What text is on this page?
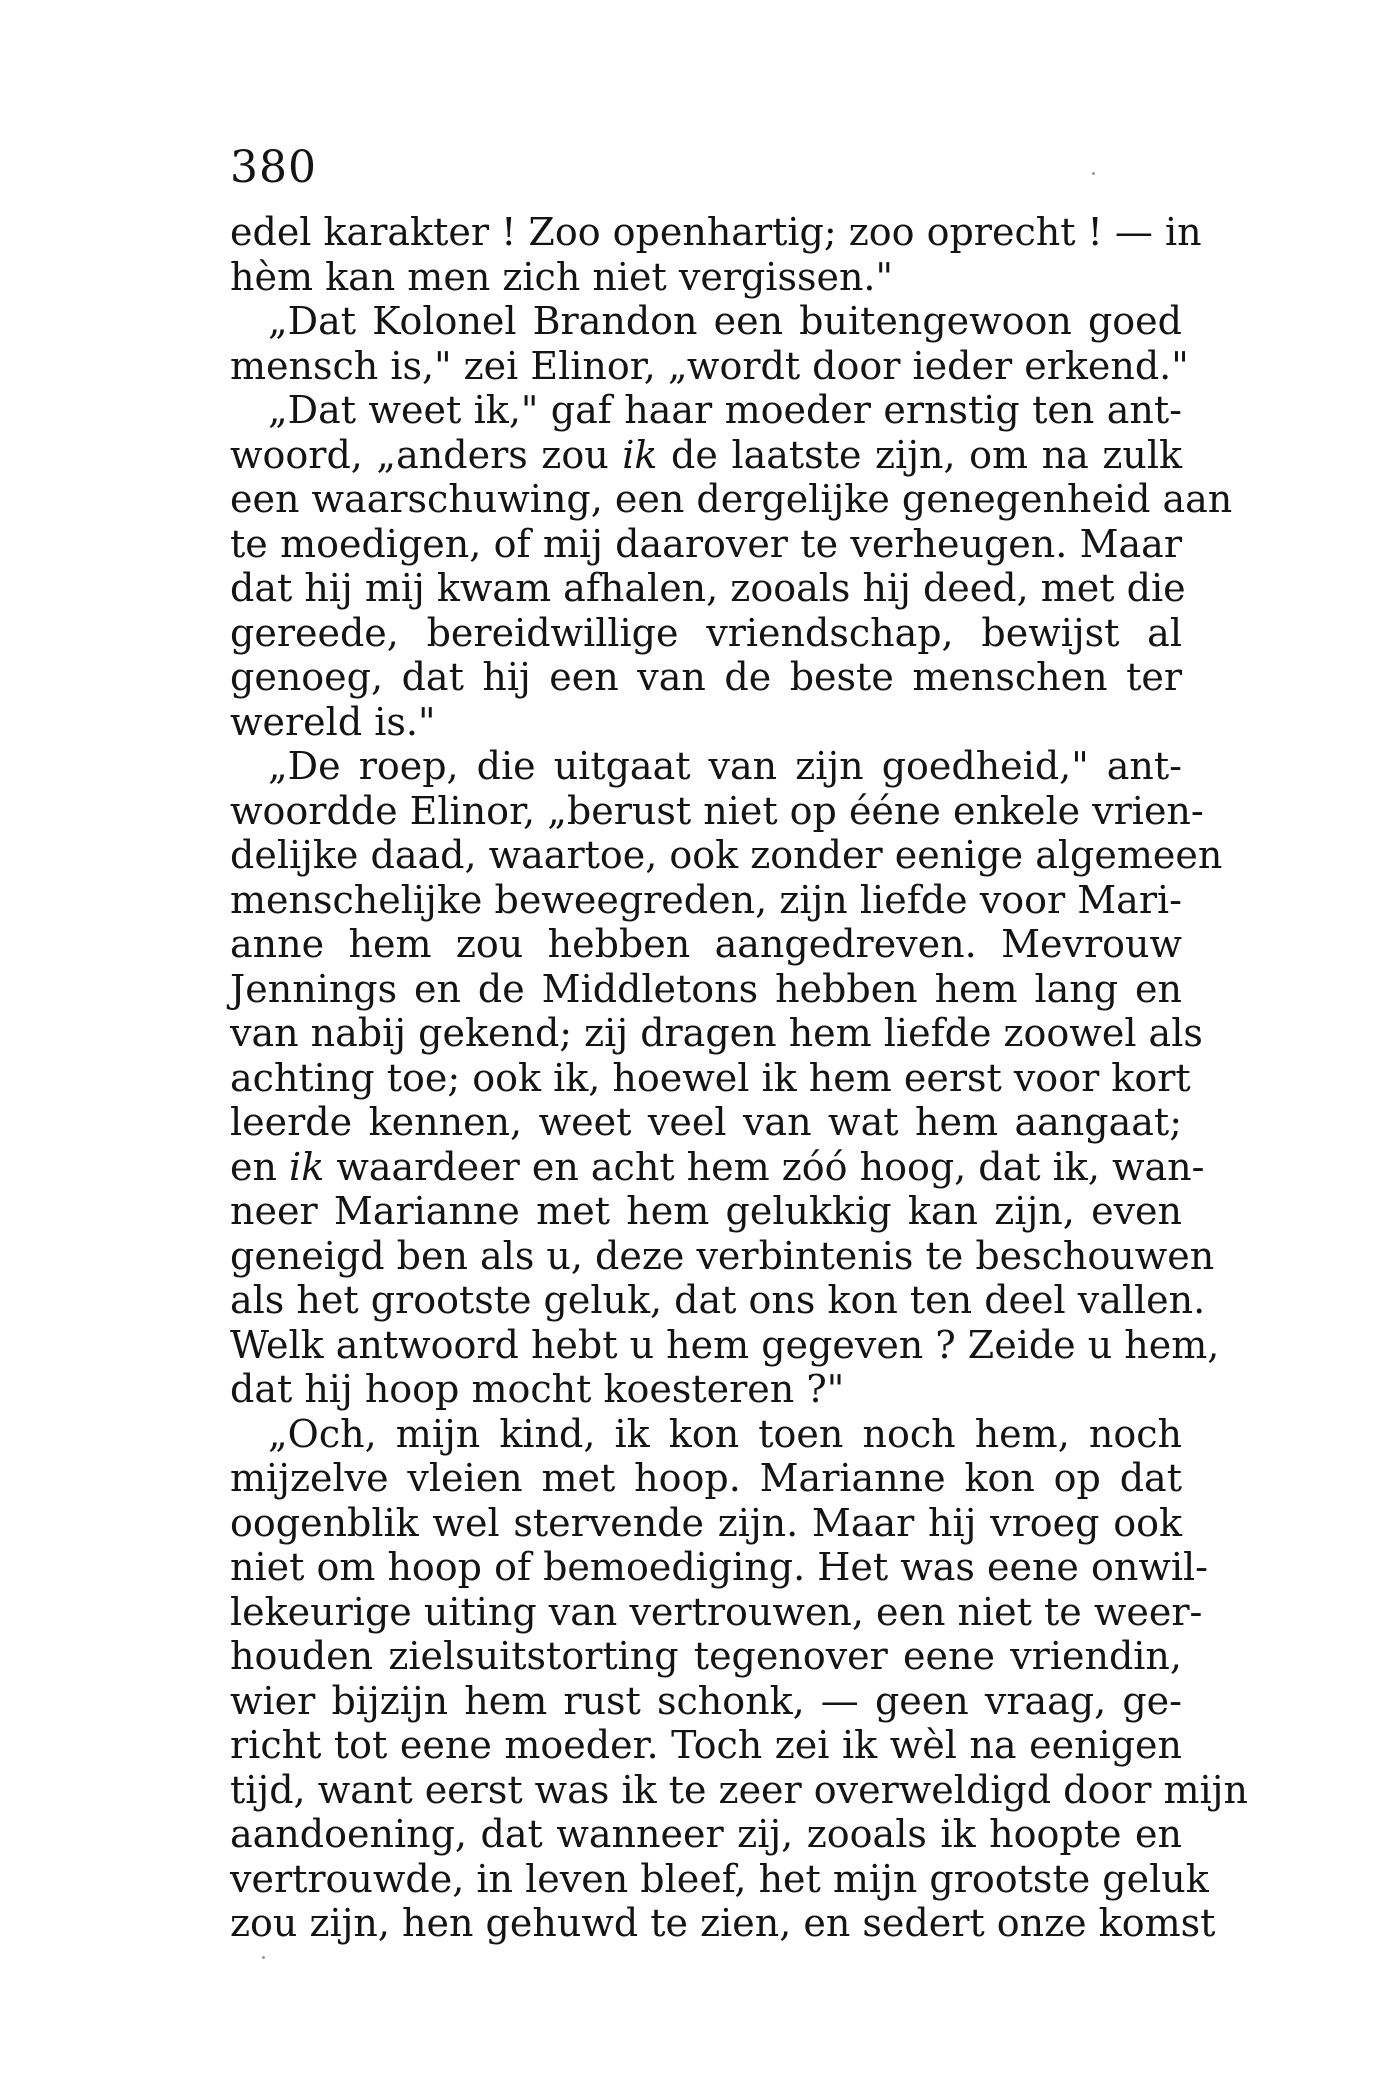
380
edel karakter ! Zoo openhartig; zoo oprecht ! — in
hèm kan men zich niet vergissen."
„Dat Kolonel Brandon een buitengewoon goed
mensch is," zei Elinor, „wordt door ieder erkend."
„Dat weet ik," gaf haar moeder ernstig ten ant-
woord, „anders zou ik de laatste zijn, om na zulk
een waarschuwing, een dergelijke genegenheid aan
te moedigen, of mij daarover te verheugen. Maar
dat hij mij kwam afhalen, zooals hij deed, met die
gereede, bereidwillige vriendschap, bewijst al
genoeg, dat hij een van de beste menschen ter
wereld is."
„De roep, die uitgaat van zijn goedheid," ant-
woordde Elinor, „berust niet op ééne enkele vrien-
delijke daad, waartoe, ook zonder eenige algemeen
menschelijke beweegreden, zijn liefde voor Mari-
anne hem zou hebben aangedreven. Mevrouw
Jennings en de Middletons hebben hem lang en
van nabij gekend; zij dragen hem liefde zoowel als
achting toe; ook ik, hoewel ik hem eerst voor kort
leerde kennen, weet veel van wat hem aangaat;
en ik waardeer en acht hem zóó hoog, dat ik, wan-
neer Marianne met hem gelukkig kan zijn, even
geneigd ben als u, deze verbintenis te beschouwen
als het grootste geluk, dat ons kon ten deel vallen.
Welk antwoord hebt u hem gegeven ? Zeide u hem,
dat hij hoop mocht koesteren ?"
„Och, mijn kind, ik kon toen noch hem, noch
mijzelve vleien met hoop. Marianne kon op dat
oogenblik wel stervende zijn. Maar hij vroeg ook
niet om hoop of bemoediging. Het was eene onwil-
lekeurige uiting van vertrouwen, een niet te weer-
houden zielsuitstorting tegenover eene vriendin,
wier bijzijn hem rust schonk, — geen vraag, ge-
richt tot eene moeder. Toch zei ik wèl na eenigen
tijd, want eerst was ik te zeer overweldigd door mijn
aandoening, dat wanneer zij, zooals ik hoopte en
vertrouwde, in leven bleef, het mijn grootste geluk
zou zijn, hen gehuwd te zien, en sedert onze komst
